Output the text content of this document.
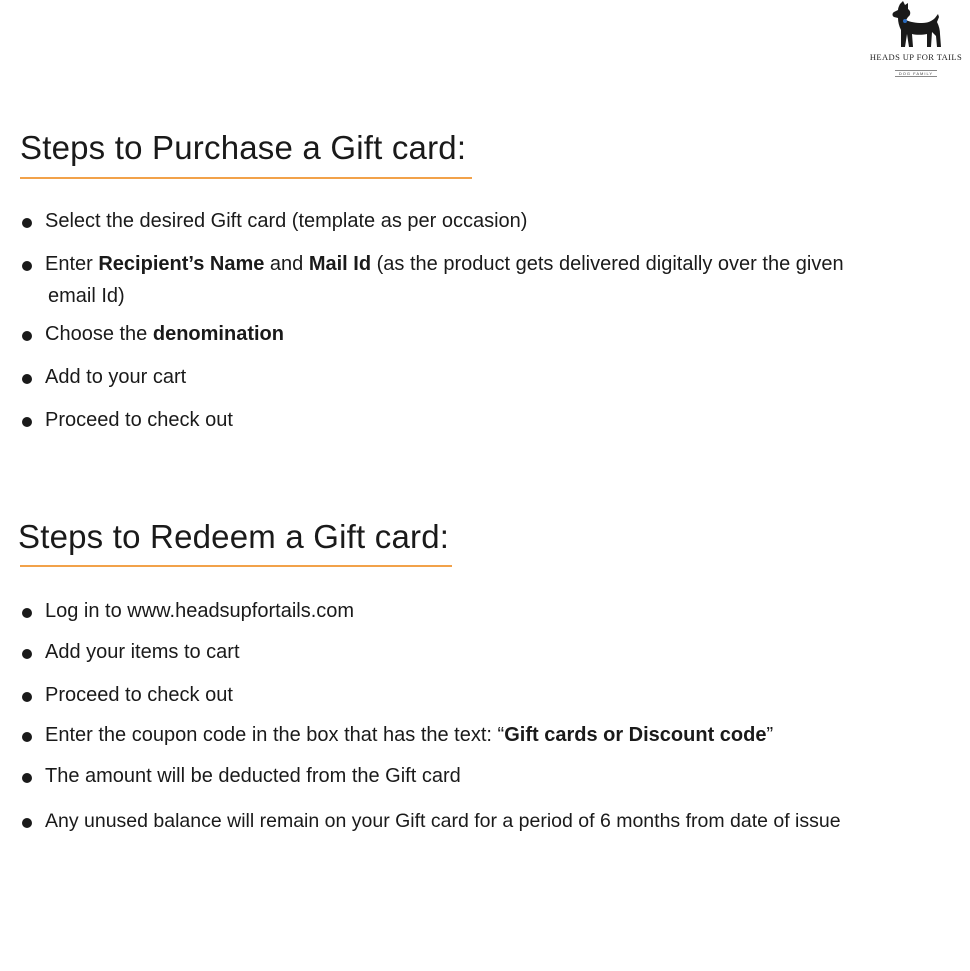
HEADS UP FOR TAILS
DOG FAMILY
Steps to Purchase a Gift card:
Select the desired Gift card (template as per occasion)
Enter Recipient’s Name and Mail Id (as the product gets delivered digitally over the given
email Id)
Choose the denomination
Add to your cart
Proceed to check out
Steps to Redeem a Gift card:
Log in to www.headsupfortails.com
Add your items to cart
Proceed to check out
Enter the coupon code in the box that has the text: “Gift cards or Discount code”
The amount will be deducted from the Gift card
Any unused balance will remain on your Gift card for a period of 6 months from date of issue
